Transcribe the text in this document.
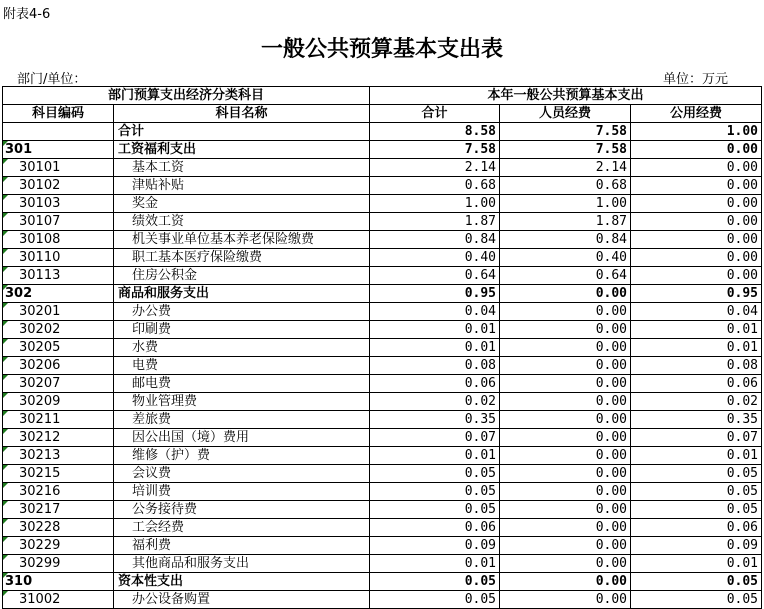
附表4-6
一般公共预算基本支出表
部门/单位：	单位：万元
部门预算支出经济分类科目		本年一般公共预算基本支出		
科目编码	科目名称	合计	人员经费	公用经费
	合计	8.58	7.58	1.00
301	工资福利支出	7.58	7.58	0.00
30101	基本工资	2.14	2.14	0.00
30102	津贴补贴	0.68	0.68	0.00
30103	奖金	1.00	1.00	0.00
30107	绩效工资	1.87	1.87	0.00
30108	机关事业单位基本养老保险缴费	0.84	0.84	0.00
30110	职工基本医疗保险缴费	0.40	0.40	0.00
30113	住房公积金	0.64	0.64	0.00
302	商品和服务支出	0.95	0.00	0.95
30201	办公费	0.04	0.00	0.04
30202	印刷费	0.01	0.00	0.01
30205	水费	0.01	0.00	0.01
30206	电费	0.08	0.00	0.08
30207	邮电费	0.06	0.00	0.06
30209	物业管理费	0.02	0.00	0.02
30211	差旅费	0.35	0.00	0.35
30212	因公出国（境）费用	0.07	0.00	0.07
30213	维修（护）费	0.01	0.00	0.01
30215	会议费	0.05	0.00	0.05
30216	培训费	0.05	0.00	0.05
30217	公务接待费	0.05	0.00	0.05
30228	工会经费	0.06	0.00	0.06
30229	福利费	0.09	0.00	0.09
30299	其他商品和服务支出	0.01	0.00	0.01
310	资本性支出	0.05	0.00	0.05
31002	办公设备购置	0.05	0.00	0.05
